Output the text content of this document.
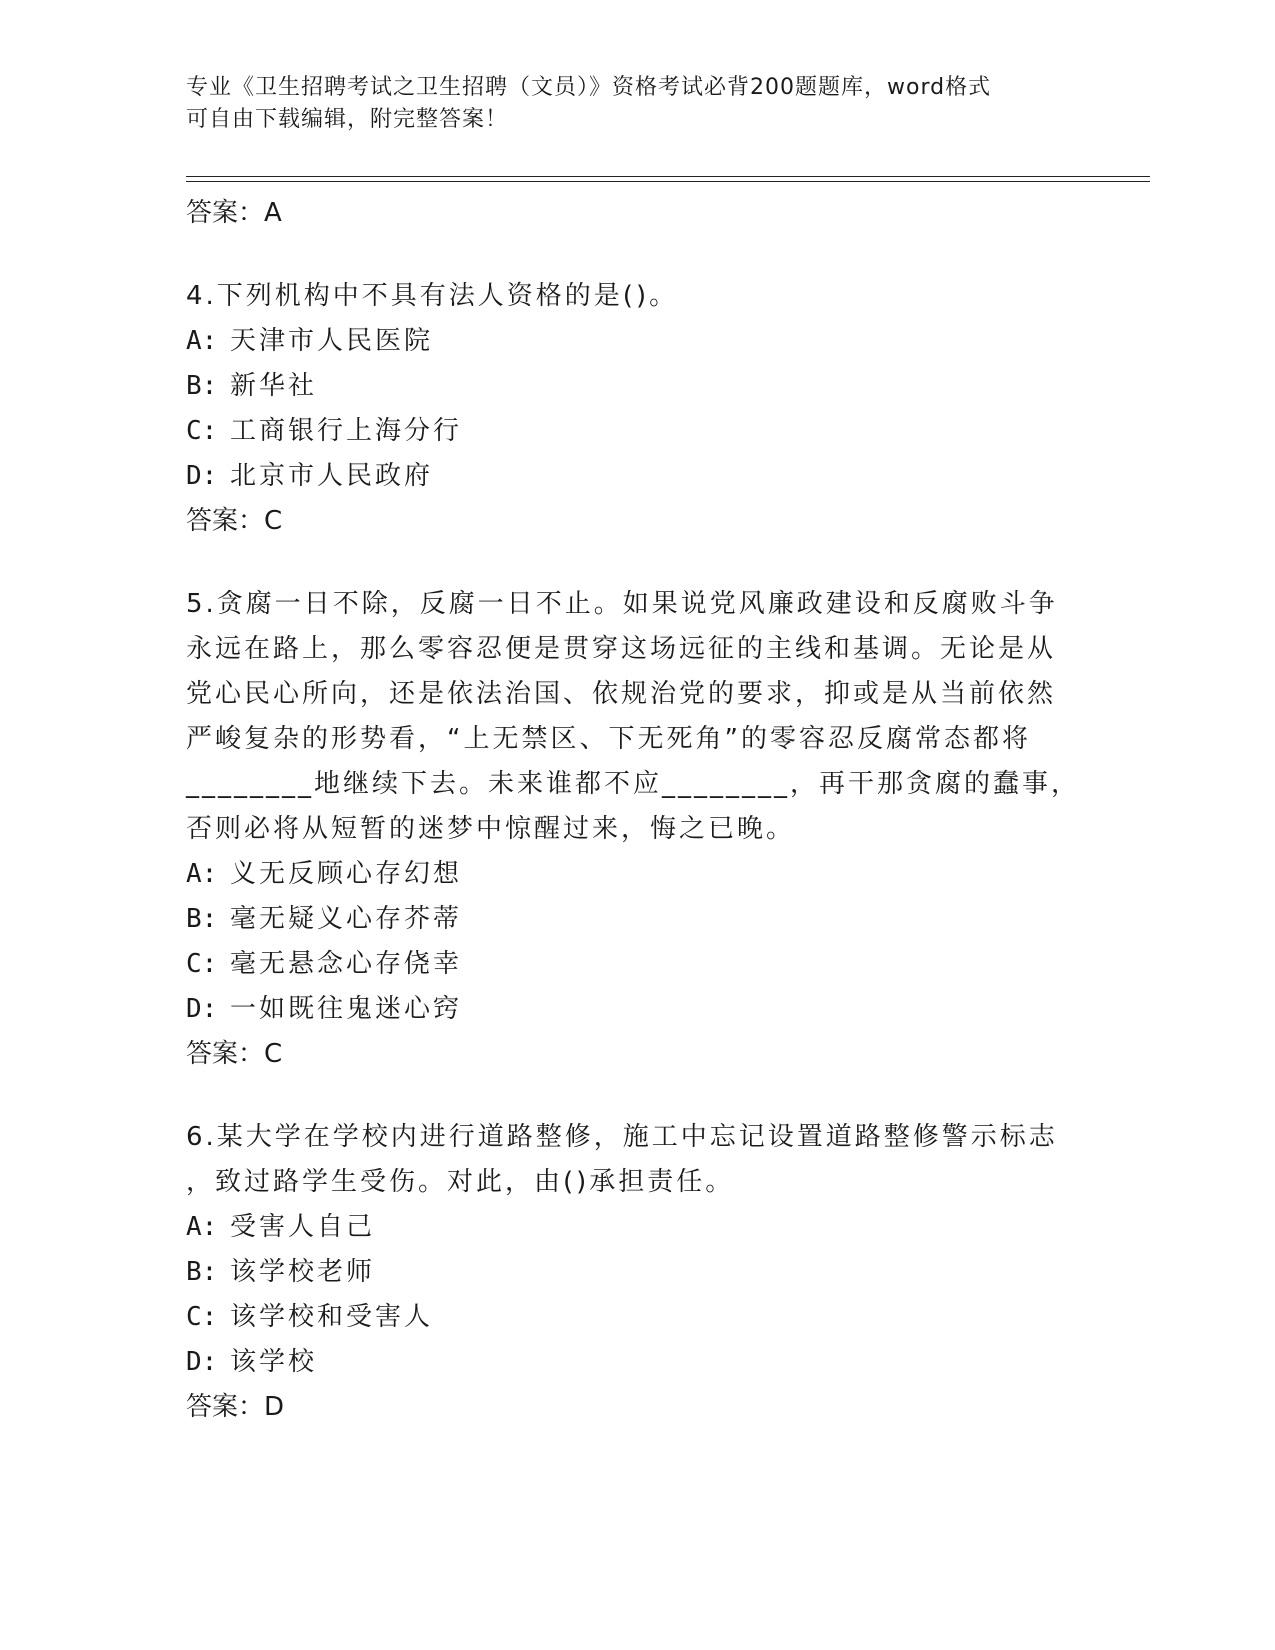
专业《卫生招聘考试之卫生招聘（文员）》资格考试必背200题题库，word格式
可自由下载编辑，附完整答案！

答案：A

4.下列机构中不具有法人资格的是()。

A: 天津市人民医院
B: 新华社
C: 工商银行上海分行
D: 北京市人民政府

答案：C

5.贪腐一日不除，反腐一日不止。如果说党风廉政建设和反腐败斗争

永远在路上，那么零容忍便是贯穿这场远征的主线和基调。无论是从

党心民心所向，还是依法治国、依规治党的要求，抑或是从当前依然

严峻复杂的形势看，“上无禁区、下无死角”的零容忍反腐常态都将

________地继续下去。未来谁都不应________，再干那贪腐的蠢事，

否则必将从短暂的迷梦中惊醒过来，悔之已晚。

A: 义无反顾心存幻想
B: 毫无疑义心存芥蒂
C: 毫无悬念心存侥幸
D: 一如既往鬼迷心窍

答案：C

6.某大学在学校内进行道路整修，施工中忘记设置道路整修警示标志

，致过路学生受伤。对此，由()承担责任。

A: 受害人自己
B: 该学校老师
C: 该学校和受害人
D: 该学校

答案：D
